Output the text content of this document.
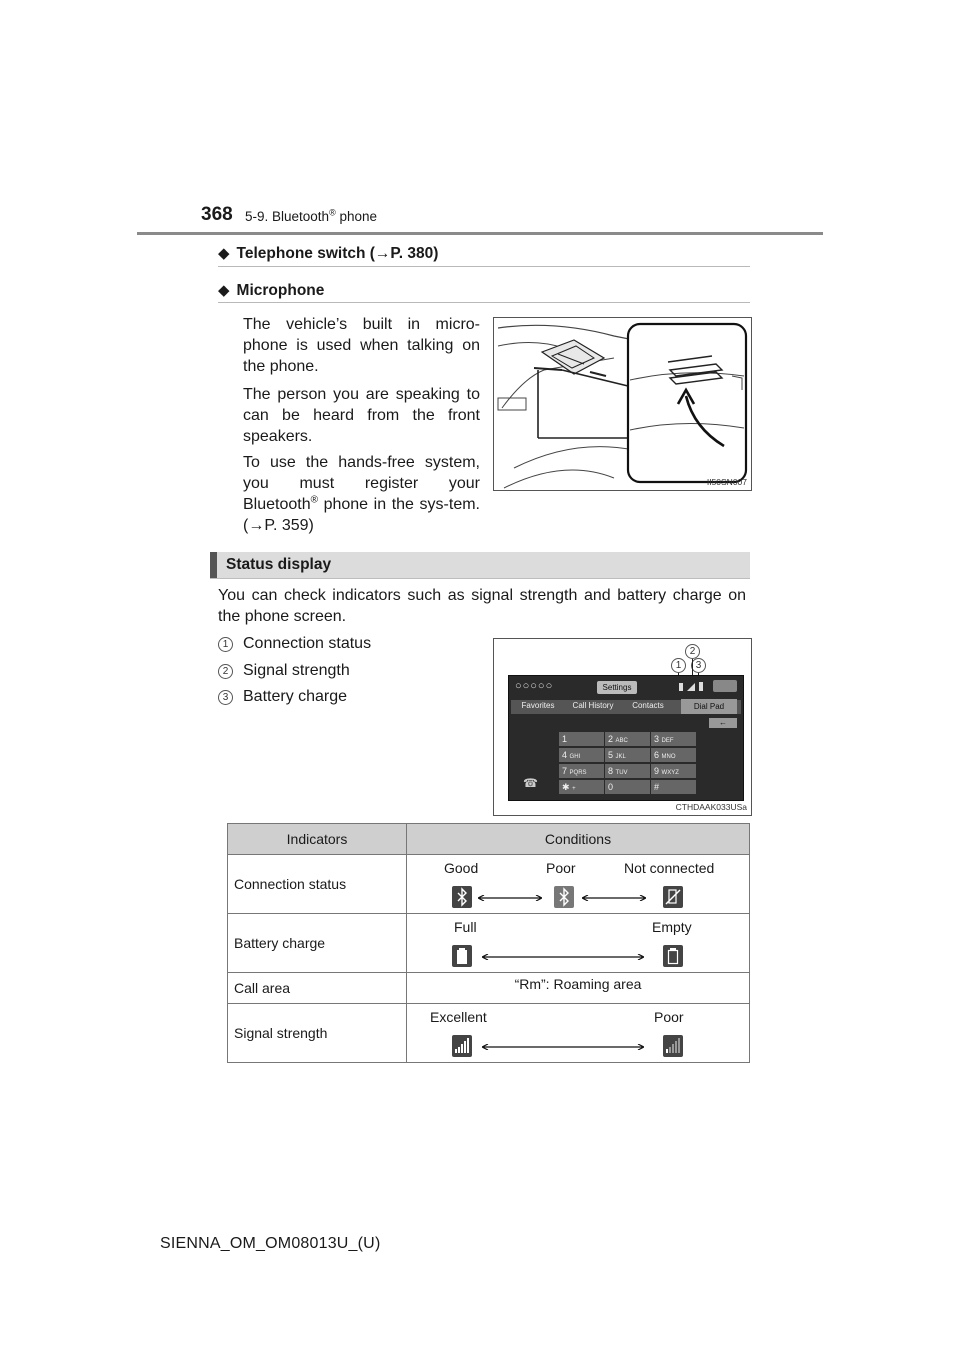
368 5-9. Bluetooth® phone
◆ Telephone switch (→P. 380)
◆ Microphone
The vehicle’s built in micro-phone is used when talking on the phone.
The person you are speaking to can be heard from the front speakers.
To use the hands-free system, you must register your Bluetooth® phone in the sys-tem. (→P. 359)
II50SN007
Status display
You can check indicators such as signal strength and battery charge on the phone screen.
1 Connection status
2 Signal strength
3 Battery charge
2
1	3
○○○○○	Settings
Favorites	Call History	Contacts	Dial Pad
←
1	2 ABC	3 DEF
4 GHI	5 JKL	6 MNO
7 PQRS	8 TUV	9 WXYZ
✱ +	0	#
☎
CTHDAAK033USa
Indicators	Conditions
Connection status	Good Poor Not connected

Battery charge	Full Empty

Call area	“Rm”: Roaming area
Signal strength	Excellent Poor
SIENNA_OM_OM08013U_(U)
